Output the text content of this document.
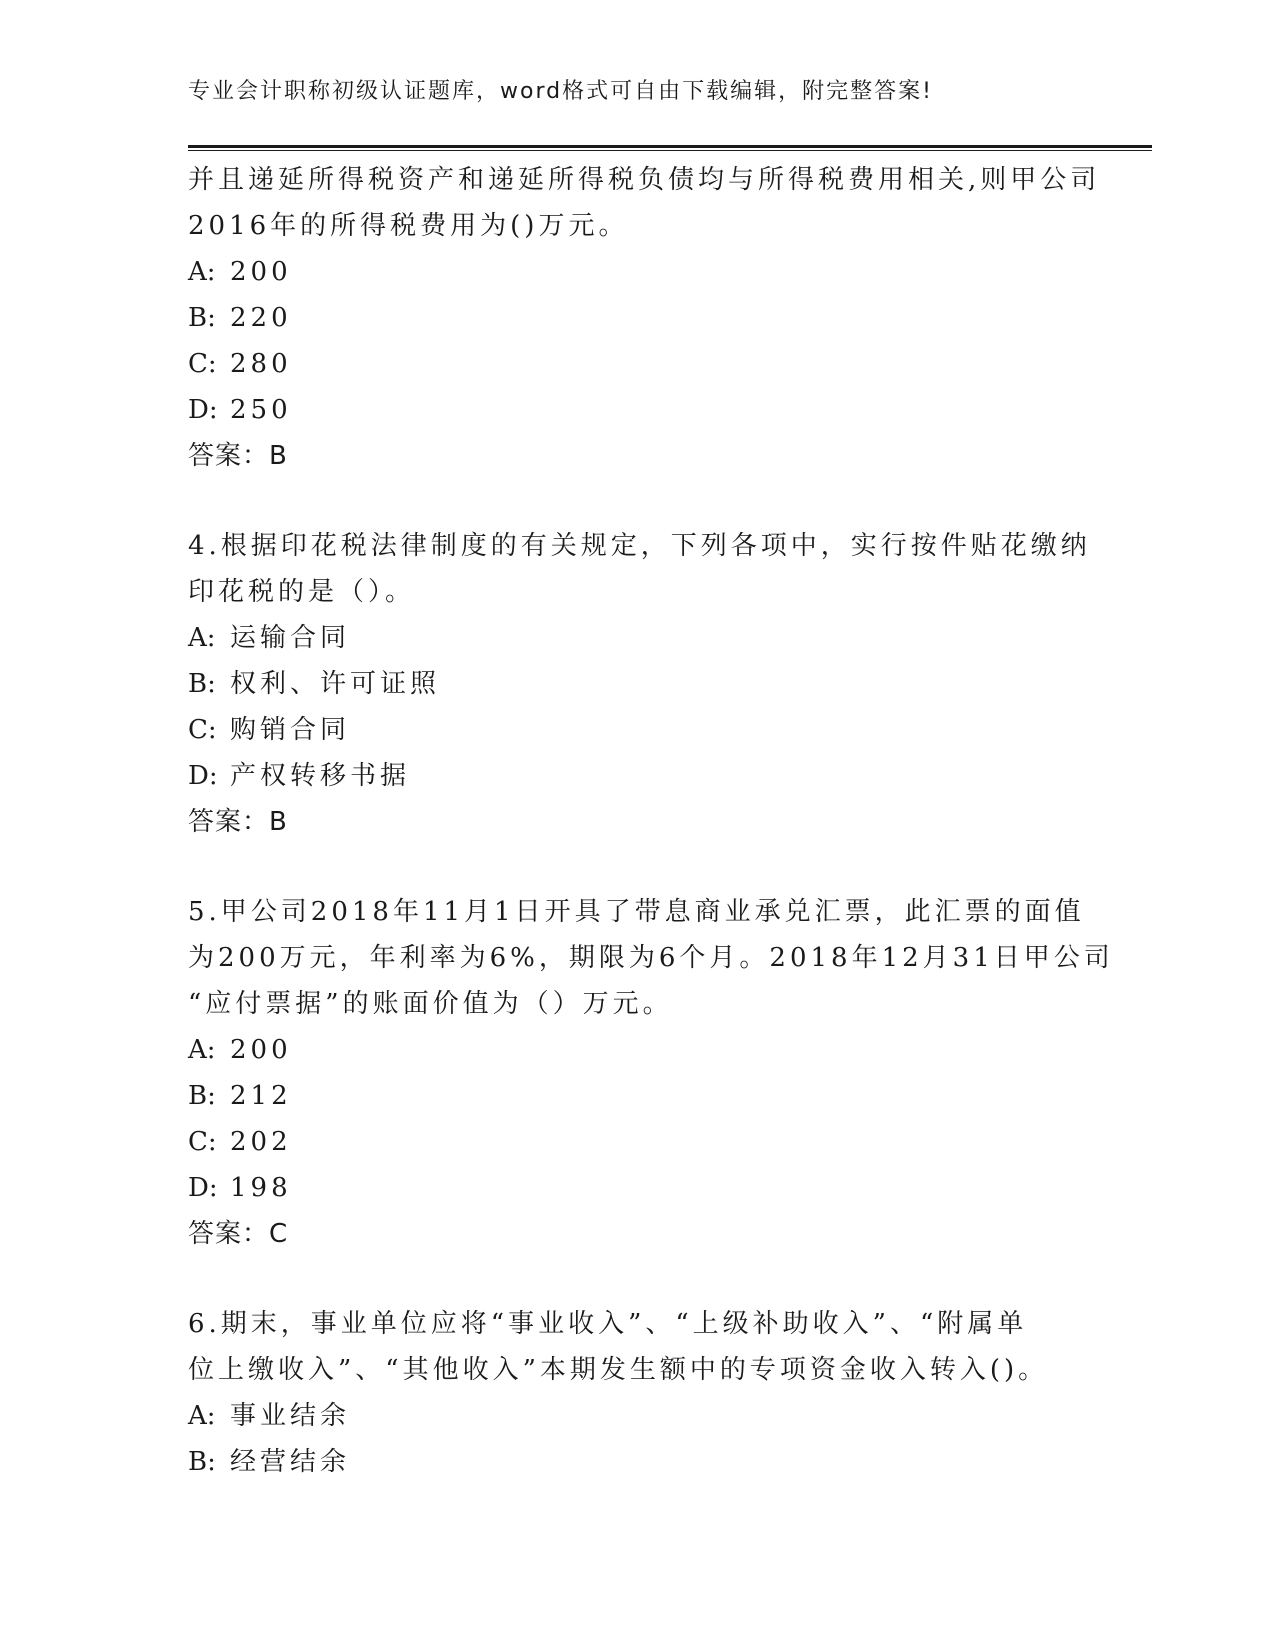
专业会计职称初级认证题库，word格式可自由下载编辑，附完整答案!
并且递延所得税资产和递延所得税负债均与所得税费用相关,则甲公司
2016年的所得税费用为()万元。
A: 200
B: 220
C: 280
D: 250
答案：B
4.根据印花税法律制度的有关规定，下列各项中，实行按件贴花缴纳
印花税的是（）。
A: 运输合同
B: 权利、许可证照
C: 购销合同
D: 产权转移书据
答案：B
5.甲公司2018年11月1日开具了带息商业承兑汇票，此汇票的面值
为200万元，年利率为6%，期限为6个月。2018年12月31日甲公司
“应付票据”的账面价值为（）万元。
A: 200
B: 212
C: 202
D: 198
答案：C
6.期末，事业单位应将“事业收入”、“上级补助收入”、“附属单
位上缴收入”、“其他收入”本期发生额中的专项资金收入转入()。
A: 事业结余
B: 经营结余
